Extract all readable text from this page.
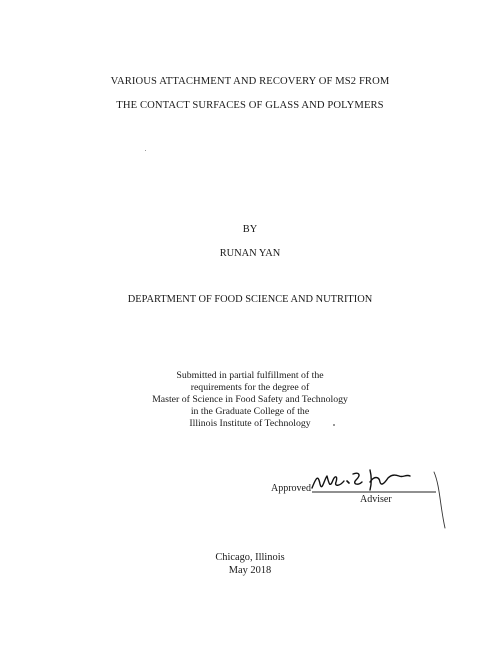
VARIOUS ATTACHMENT AND RECOVERY OF MS2 FROM
THE CONTACT SURFACES OF GLASS AND POLYMERS
BY
RUNAN YAN
DEPARTMENT OF FOOD SCIENCE AND NUTRITION
Submitted in partial fulfillment of the
requirements for the degree of
Master of Science in Food Safety and Technology
in the Graduate College of the
Illinois Institute of Technology
Approved
Adviser
Chicago, Illinois
May 2018
